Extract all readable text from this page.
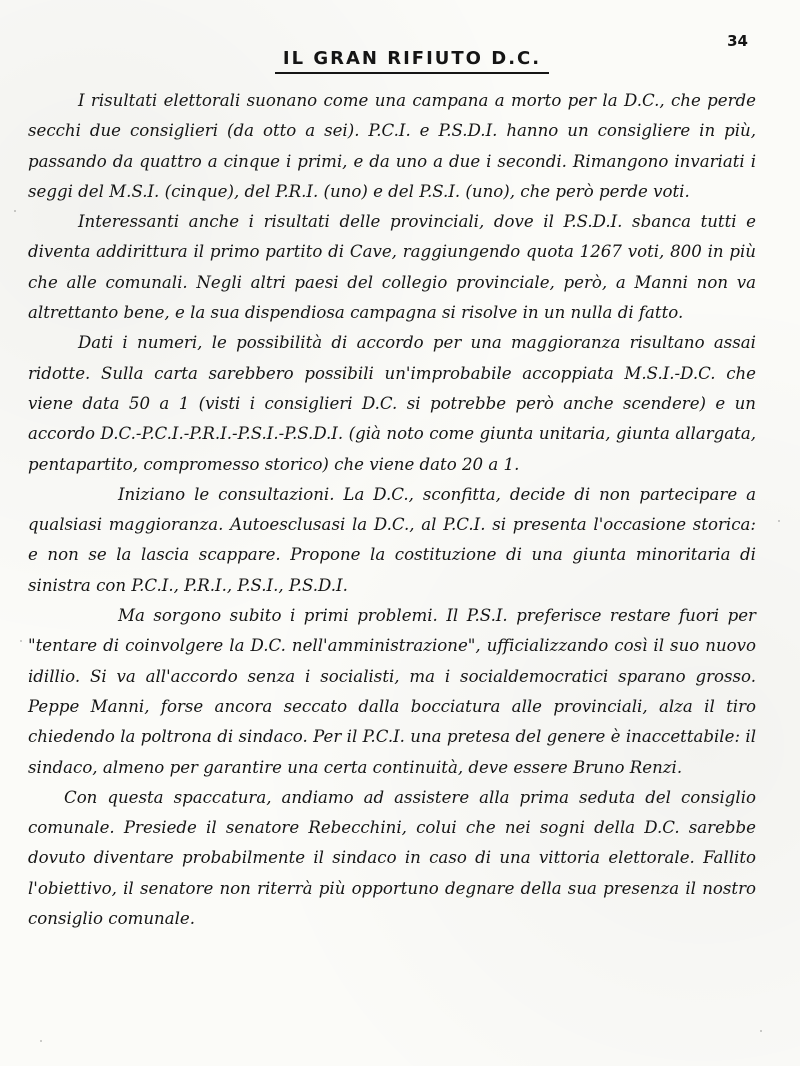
34
IL GRAN RIFIUTO D.C.

I risultati elettorali suonano come una campana a morto per la D.C., che perde secchi due consiglieri (da otto a sei). P.C.I. e P.S.D.I. hanno un consigliere in più, passando da quattro a cinque i primi, e da uno a due i secondi. Rimangono invariati i seggi del M.S.I. (cinque), del P.R.I. (uno) e del P.S.I. (uno), che però perde voti.

Interessanti anche i risultati delle provinciali, dove il P.S.D.I. sbanca tutti e diventa addirittura il primo partito di Cave, raggiungendo quota 1267 voti, 800 in più che alle comunali. Negli altri paesi del collegio provinciale, però, a Manni non va altrettanto bene, e la sua dispendiosa campagna si risolve in un nulla di fatto.

Dati i numeri, le possibilità di accordo per una maggioranza risultano assai ridotte. Sulla carta sarebbero possibili un'improbabile accoppiata M.S.I.-D.C. che viene data 50 a 1 (visti i consiglieri D.C. si potrebbe però anche scendere) e un accordo D.C.-P.C.I.-P.R.I.-P.S.I.-P.S.D.I. (già noto come giunta unitaria, giunta allargata, pentapartito, compromesso storico) che viene dato 20 a 1.

Iniziano le consultazioni. La D.C., sconfitta, decide di non partecipare a qualsiasi maggioranza. Autoesclusasi la D.C., al P.C.I. si presenta l'occasione storica: e non se la lascia scappare. Propone la costituzione di una giunta minoritaria di sinistra con P.C.I., P.R.I., P.S.I., P.S.D.I.

Ma sorgono subito i primi problemi. Il P.S.I. preferisce restare fuori per "tentare di coinvolgere la D.C. nell'amministrazione", ufficializzando così il suo nuovo idillio. Si va all'accordo senza i socialisti, ma i socialdemocratici sparano grosso. Peppe Manni, forse ancora seccato dalla bocciatura alle provinciali, alza il tiro chiedendo la poltrona di sindaco. Per il P.C.I. una pretesa del genere è inaccettabile: il sindaco, almeno per garantire una certa continuità, deve essere Bruno Renzi.

Con questa spaccatura, andiamo ad assistere alla prima seduta del consiglio comunale. Presiede il senatore Rebecchini, colui che nei sogni della D.C. sarebbe dovuto diventare probabilmente il sindaco in caso di una vittoria elettorale. Fallito l'obiettivo, il senatore non riterrà più opportuno degnare della sua presenza il nostro consiglio comunale.
